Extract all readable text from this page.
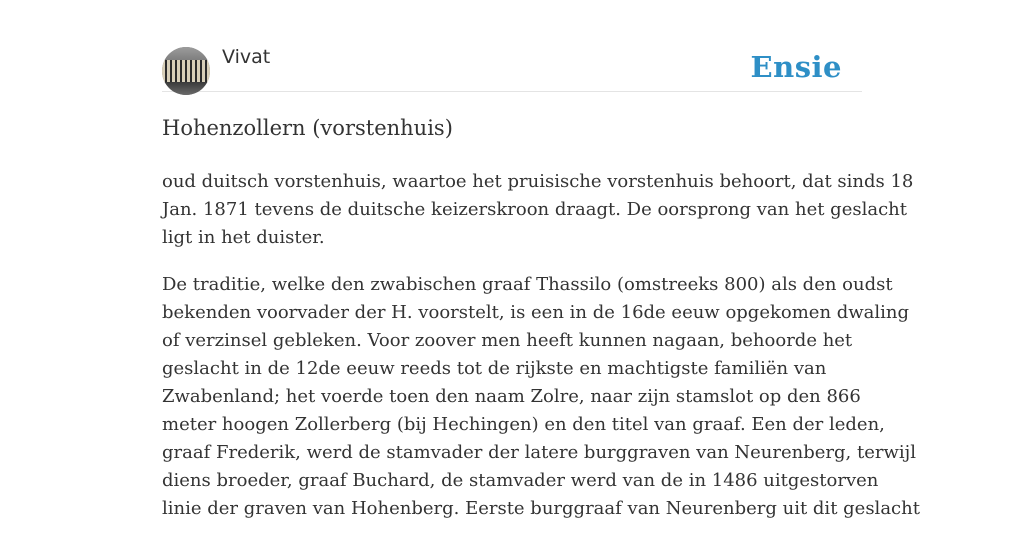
Vivat	Ensie
Hohenzollern (vorstenhuis)

oud duitsch vorstenhuis, waartoe het pruisische vorstenhuis behoort, dat sinds 18
Jan. 1871 tevens de duitsche keizerskroon draagt. De oorsprong van het geslacht
ligt in het duister.

De traditie, welke den zwabischen graaf Thassilo (omstreeks 800) als den oudst
bekenden voorvader der H. voorstelt, is een in de 16de eeuw opgekomen dwaling
of verzinsel gebleken. Voor zoover men heeft kunnen nagaan, behoorde het
geslacht in de 12de eeuw reeds tot de rijkste en machtigste familiën van
Zwabenland; het voerde toen den naam Zolre, naar zijn stamslot op den 866
meter hoogen Zollerberg (bij Hechingen) en den titel van graaf. Een der leden,
graaf Frederik, werd de stamvader der latere burggraven van Neurenberg, terwijl
diens broeder, graaf Buchard, de stamvader werd van de in 1486 uitgestorven
linie der graven van Hohenberg. Eerste burggraaf van Neurenberg uit dit geslacht
